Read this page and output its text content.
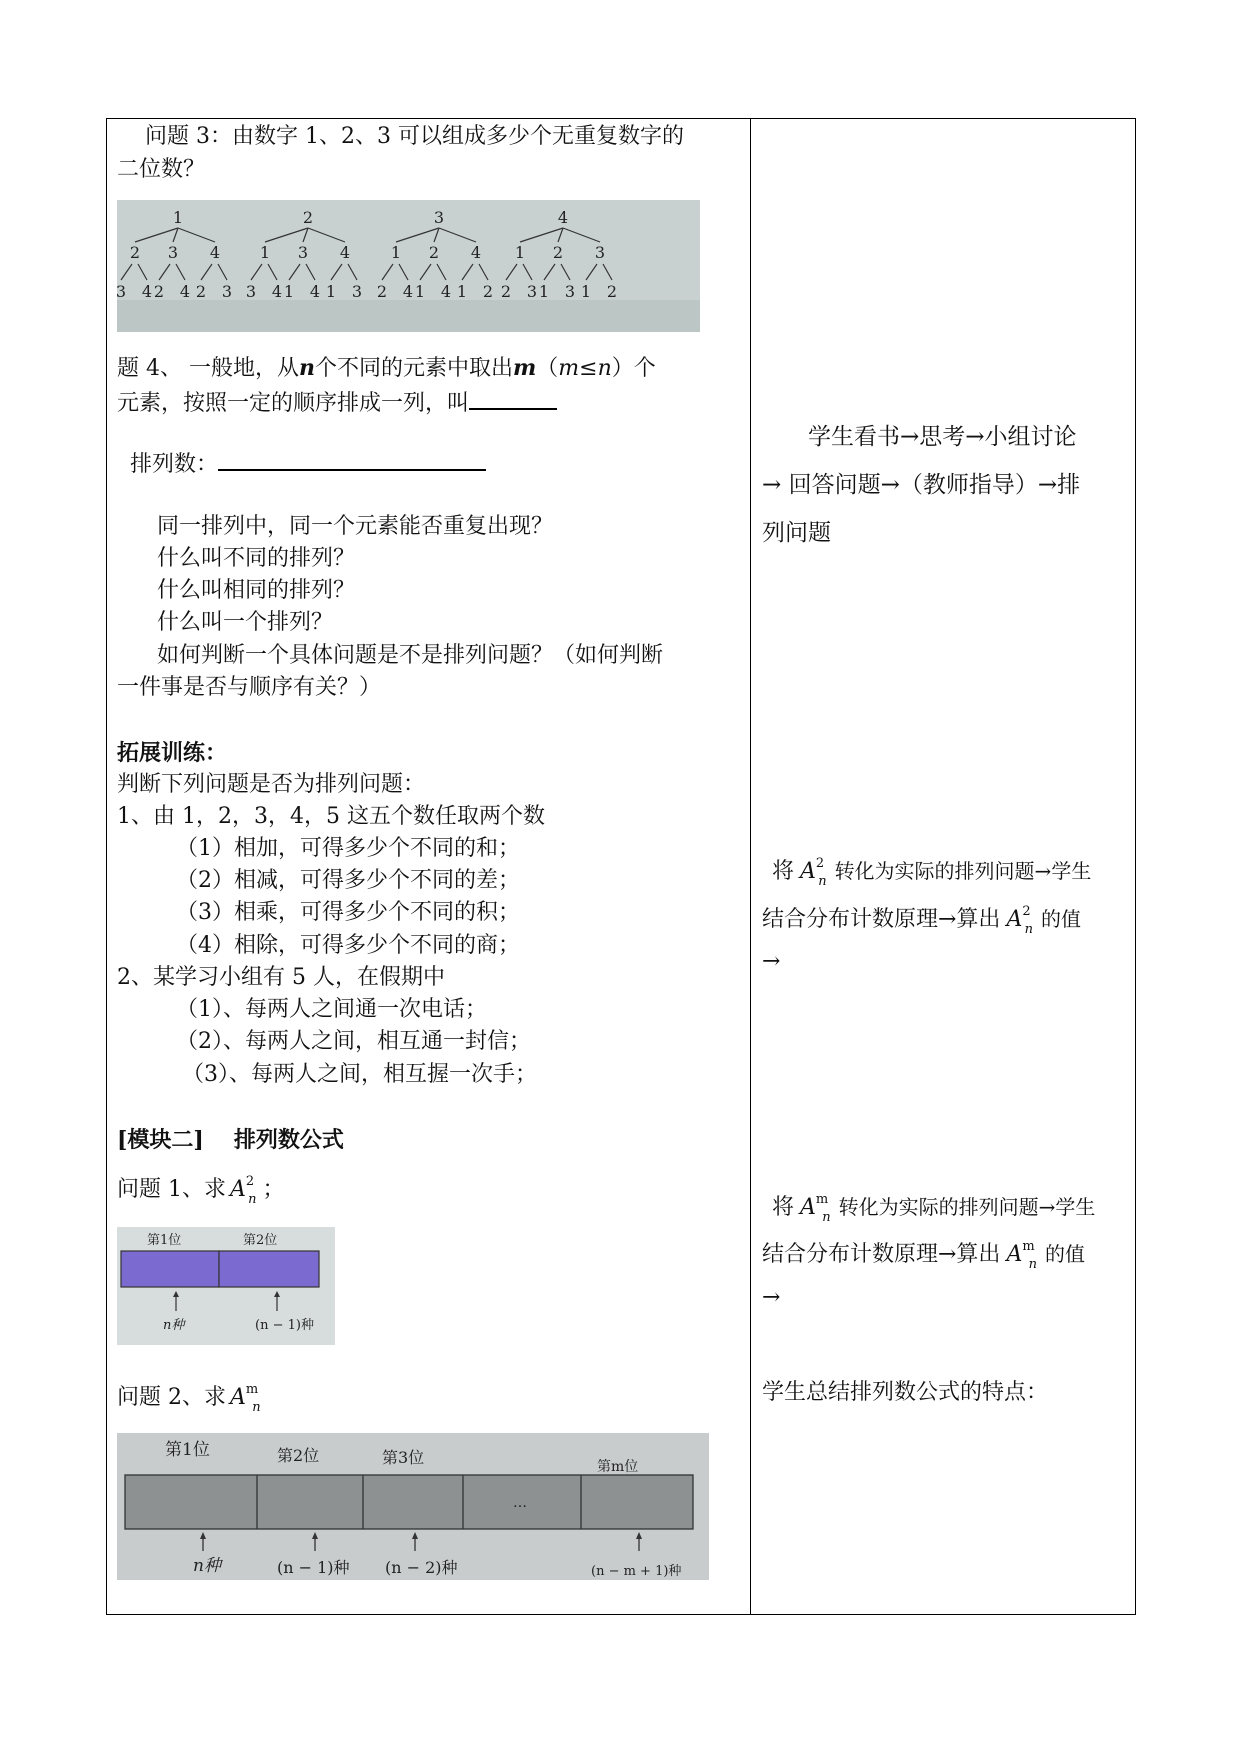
问题 3：由数字 1、2、3 可以组成多少个无重复数字的
二位数？
1
2
3 4
3
2 4
4
2 3
2
1
3 4
3
1 4
4
1 3
3
1
2 4
2
1 4
4
1 2
4
1
2 3
2
1 3
3
1 2
题 4、 一般地，从n个不同的元素中取出m（m≤n）个
元素，按照一定的顺序排成一列，叫
排列数：
同一排列中，同一个元素能否重复出现？
什么叫不同的排列？
什么叫相同的排列？
什么叫一个排列？
如何判断一个具体问题是不是排列问题？（如何判断
一件事是否与顺序有关？）
拓展训练：
判断下列问题是否为排列问题：
1、由 1，2，3，4，5 这五个数任取两个数
（1）相加，可得多少个不同的和；
（2）相减，可得多少个不同的差；
（3）相乘，可得多少个不同的积；
（4）相除，可得多少个不同的商；
2、某学习小组有 5 人，在假期中
（1）、每两人之间通一次电话；
（2）、每两人之间，相互通一封信；
（3）、每两人之间，相互握一次手；
[模块二] 排列数公式
问题 1、求 $A^2_n$ ；
第1位	第2位
n种	(n − 1)种
问题 2、求 $A^m_n$
第1位	第2位	第3位	第m位
…
n种	(n − 1)种 (n − 2)种	(n − m + 1)种
学生看书→思考→小组讨论
→ 回答问题→（教师指导）→排
列问题
将 $A^2_n$ 转化为实际的排列问题→学生
结合分布计数原理→算出 $A^2_n$ 的值
→
将 $A^m_n$ 转化为实际的排列问题→学生
结合分布计数原理→算出 $A^m_n$ 的值
→
学生总结排列数公式的特点：
